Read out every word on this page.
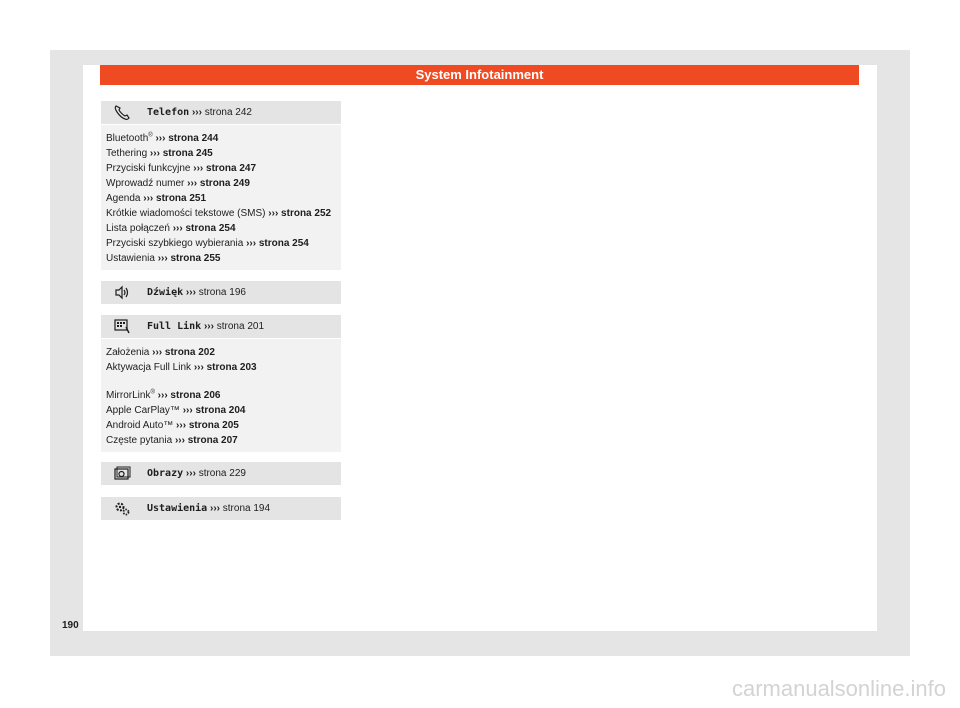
System Infotainment
Telefon ››› strona 242
Bluetooth® ››› strona 244
Tethering ››› strona 245
Przyciski funkcyjne ››› strona 247
Wprowadź numer ››› strona 249
Agenda ››› strona 251
Krótkie wiadomości tekstowe (SMS) ››› strona 252
Lista połączeń ››› strona 254
Przyciski szybkiego wybierania ››› strona 254
Ustawienia ››› strona 255
Dźwięk ››› strona 196
Full Link ››› strona 201
Założenia ››› strona 202
Aktywacja Full Link ››› strona 203
MirrorLink® ››› strona 206
Apple CarPlay™ ››› strona 204
Android Auto™ ››› strona 205
Częste pytania ››› strona 207
Obrazy ››› strona 229
Ustawienia ››› strona 194
190
carmanualsonline.info
